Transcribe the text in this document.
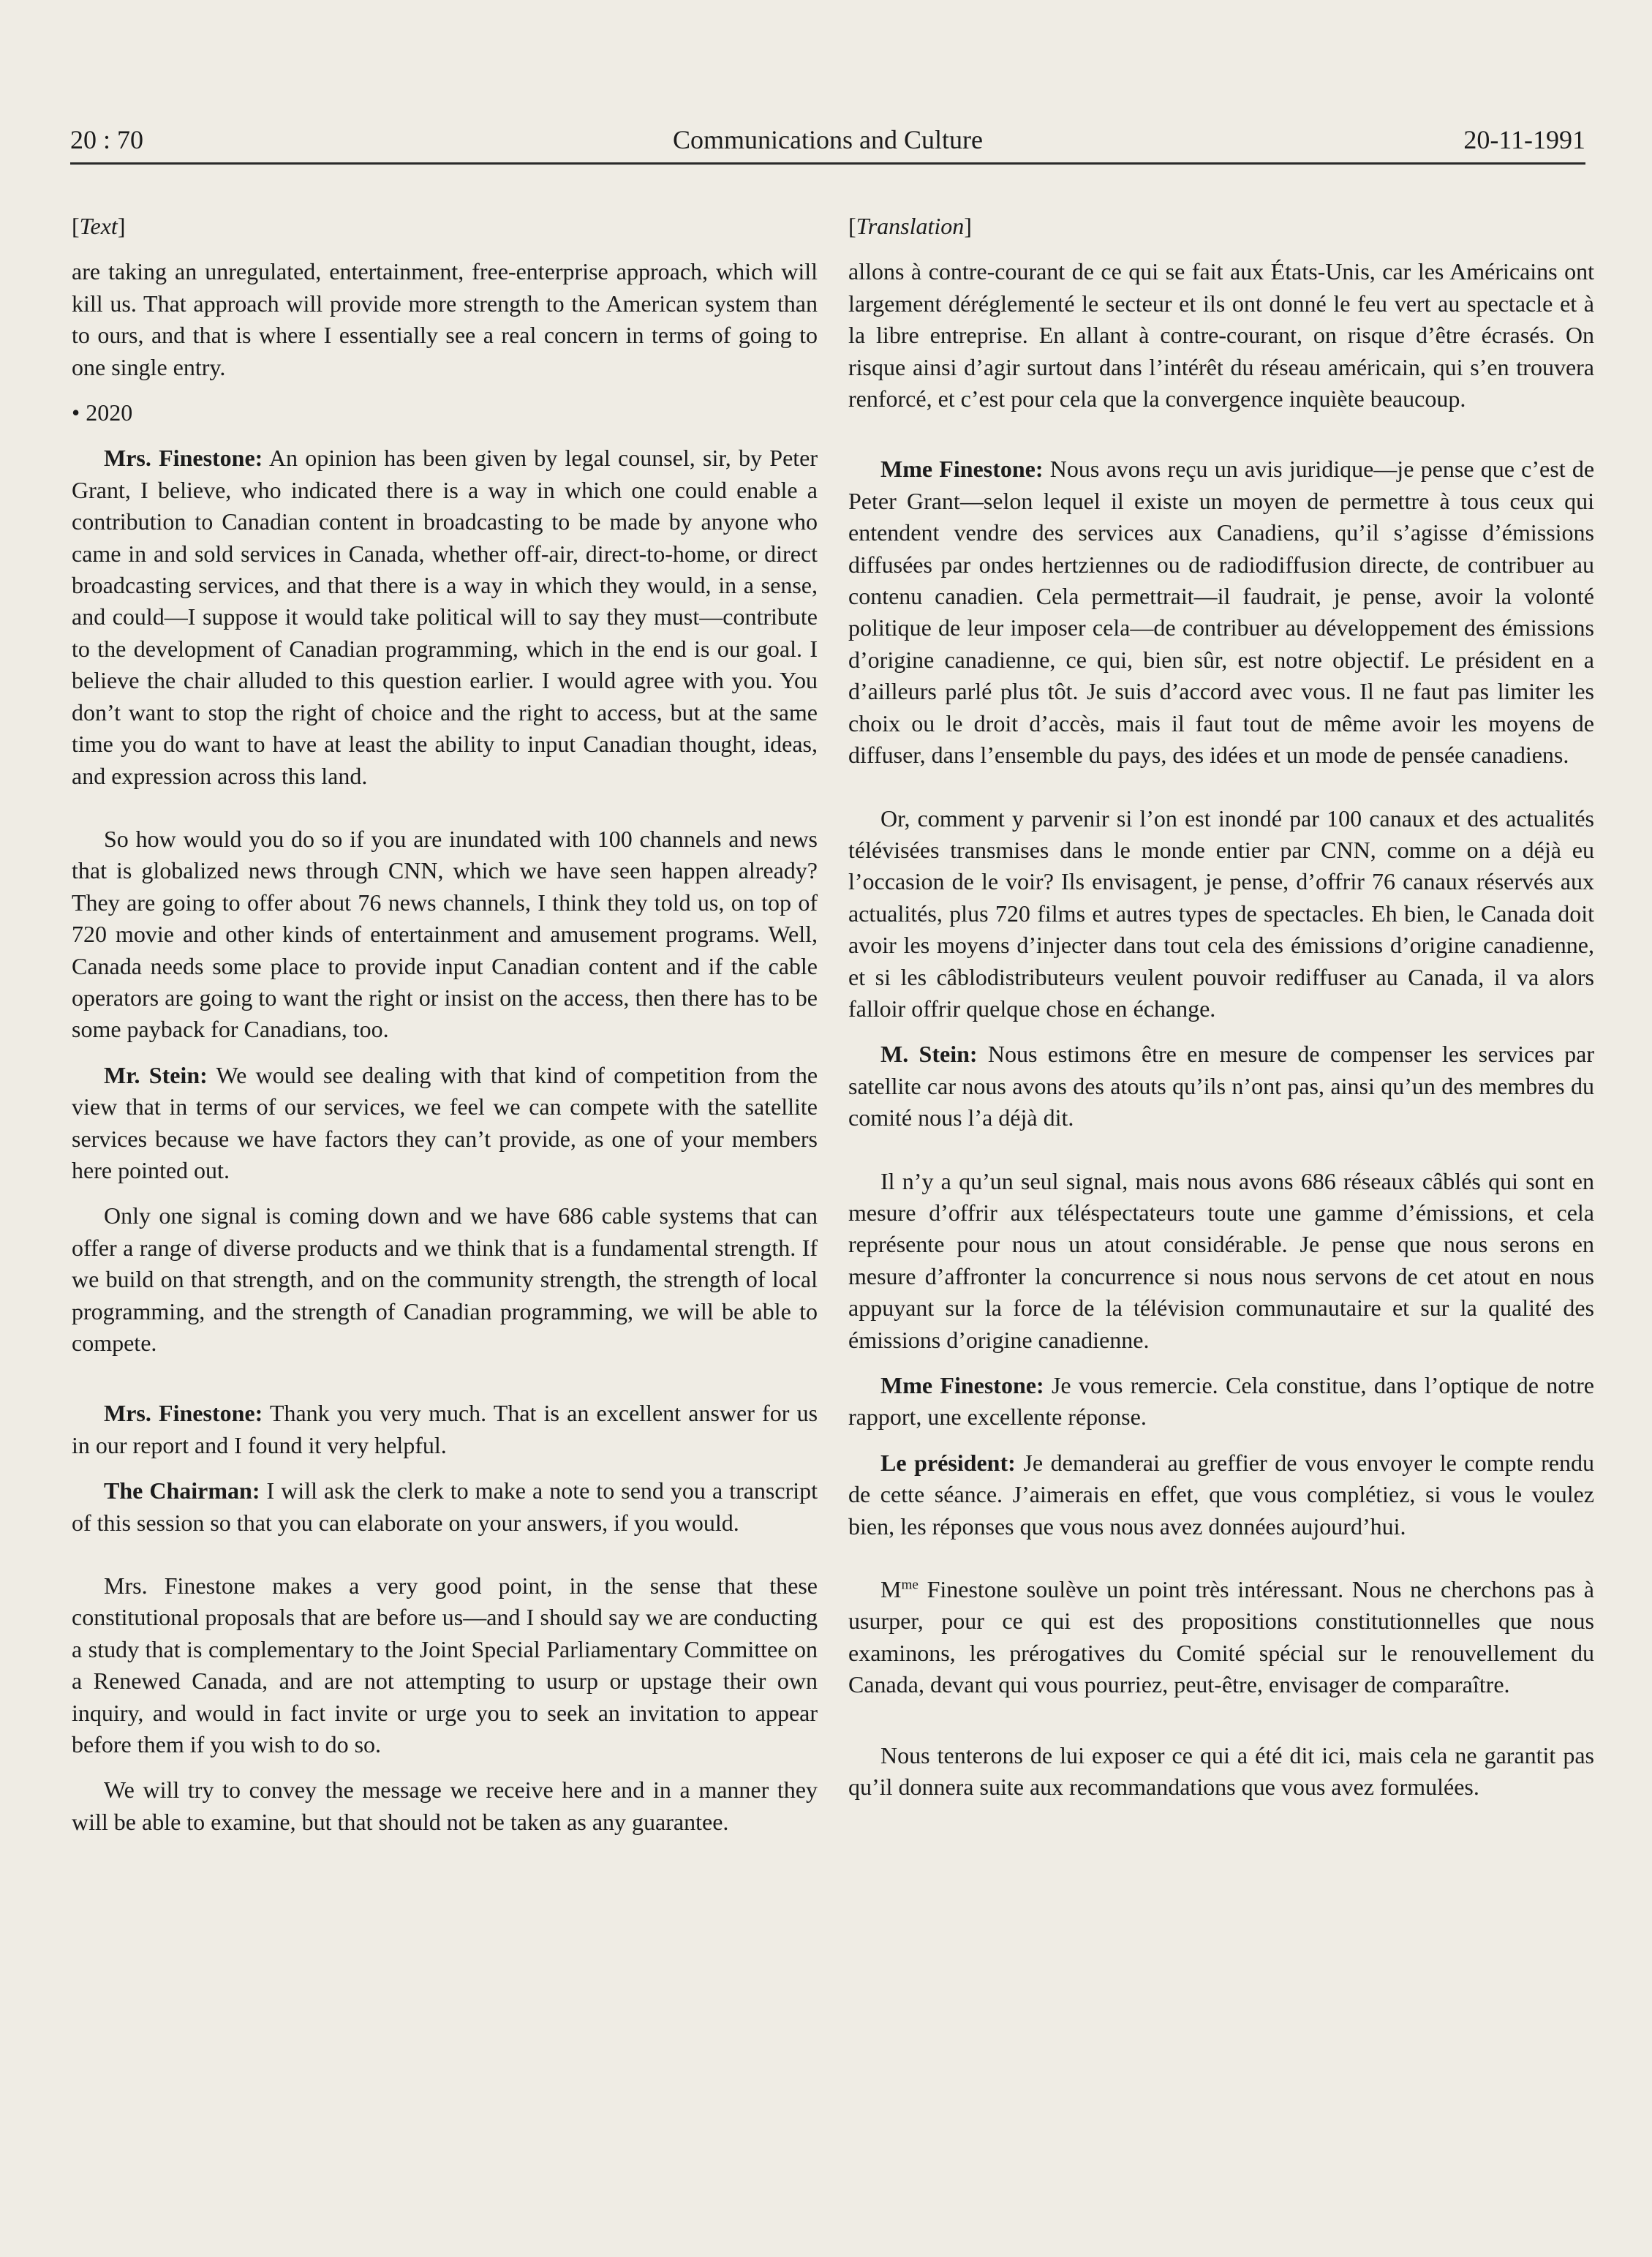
20 : 70	Communications and Culture	20-11-1991

[Text]

are taking an unregulated, entertainment, free-enterprise approach, which will kill us. That approach will provide more strength to the American system than to ours, and that is where I essentially see a real concern in terms of going to one single entry.

• 2020

Mrs. Finestone: An opinion has been given by legal counsel, sir, by Peter Grant, I believe, who indicated there is a way in which one could enable a contribution to Canadian content in broadcasting to be made by anyone who came in and sold services in Canada, whether off-air, direct-to-home, or direct broadcasting services, and that there is a way in which they would, in a sense, and could—I suppose it would take political will to say they must—contribute to the development of Canadian programming, which in the end is our goal. I believe the chair alluded to this question earlier. I would agree with you. You don’t want to stop the right of choice and the right to access, but at the same time you do want to have at least the ability to input Canadian thought, ideas, and expression across this land.

So how would you do so if you are inundated with 100 channels and news that is globalized news through CNN, which we have seen happen already? They are going to offer about 76 news channels, I think they told us, on top of 720 movie and other kinds of entertainment and amusement programs. Well, Canada needs some place to provide input Canadian content and if the cable operators are going to want the right or insist on the access, then there has to be some payback for Canadians, too.

Mr. Stein: We would see dealing with that kind of competition from the view that in terms of our services, we feel we can compete with the satellite services because we have factors they can’t provide, as one of your members here pointed out.

Only one signal is coming down and we have 686 cable systems that can offer a range of diverse products and we think that is a fundamental strength. If we build on that strength, and on the community strength, the strength of local programming, and the strength of Canadian programming, we will be able to compete.

Mrs. Finestone: Thank you very much. That is an excellent answer for us in our report and I found it very helpful.

The Chairman: I will ask the clerk to make a note to send you a transcript of this session so that you can elaborate on your answers, if you would.

Mrs. Finestone makes a very good point, in the sense that these constitutional proposals that are before us—and I should say we are conducting a study that is complementary to the Joint Special Parliamentary Committee on a Renewed Canada, and are not attempting to usurp or upstage their own inquiry, and would in fact invite or urge you to seek an invitation to appear before them if you wish to do so.

We will try to convey the message we receive here and in a manner they will be able to examine, but that should not be taken as any guarantee.

[Translation]

allons à contre-courant de ce qui se fait aux États-Unis, car les Américains ont largement déréglementé le secteur et ils ont donné le feu vert au spectacle et à la libre entreprise. En allant à contre-courant, on risque d’être écrasés. On risque ainsi d’agir surtout dans l’intérêt du réseau américain, qui s’en trouvera renforcé, et c’est pour cela que la convergence inquiète beaucoup.

Mme Finestone: Nous avons reçu un avis juridique—je pense que c’est de Peter Grant—selon lequel il existe un moyen de permettre à tous ceux qui entendent vendre des services aux Canadiens, qu’il s’agisse d’émissions diffusées par ondes hertziennes ou de radiodiffusion directe, de contribuer au contenu canadien. Cela permettrait—il faudrait, je pense, avoir la volonté politique de leur imposer cela—de contribuer au développement des émissions d’origine canadienne, ce qui, bien sûr, est notre objectif. Le président en a d’ailleurs parlé plus tôt. Je suis d’accord avec vous. Il ne faut pas limiter les choix ou le droit d’accès, mais il faut tout de même avoir les moyens de diffuser, dans l’ensemble du pays, des idées et un mode de pensée canadiens.

Or, comment y parvenir si l’on est inondé par 100 canaux et des actualités télévisées transmises dans le monde entier par CNN, comme on a déjà eu l’occasion de le voir? Ils envisagent, je pense, d’offrir 76 canaux réservés aux actualités, plus 720 films et autres types de spectacles. Eh bien, le Canada doit avoir les moyens d’injecter dans tout cela des émissions d’origine canadienne, et si les câblodistributeurs veulent pouvoir rediffuser au Canada, il va alors falloir offrir quelque chose en échange.

M. Stein: Nous estimons être en mesure de compenser les services par satellite car nous avons des atouts qu’ils n’ont pas, ainsi qu’un des membres du comité nous l’a déjà dit.

Il n’y a qu’un seul signal, mais nous avons 686 réseaux câblés qui sont en mesure d’offrir aux téléspectateurs toute une gamme d’émissions, et cela représente pour nous un atout considérable. Je pense que nous serons en mesure d’affronter la concurrence si nous nous servons de cet atout en nous appuyant sur la force de la télévision communautaire et sur la qualité des émissions d’origine canadienne.

Mme Finestone: Je vous remercie. Cela constitue, dans l’optique de notre rapport, une excellente réponse.

Le président: Je demanderai au greffier de vous envoyer le compte rendu de cette séance. J’aimerais en effet, que vous complétiez, si vous le voulez bien, les réponses que vous nous avez données aujourd’hui.

$M^{me}$ Finestone soulève un point très intéressant. Nous ne cherchons pas à usurper, pour ce qui est des propositions constitutionnelles que nous examinons, les prérogatives du Comité spécial sur le renouvellement du Canada, devant qui vous pourriez, peut-être, envisager de comparaître.

Nous tenterons de lui exposer ce qui a été dit ici, mais cela ne garantit pas qu’il donnera suite aux recommandations que vous avez formulées.
